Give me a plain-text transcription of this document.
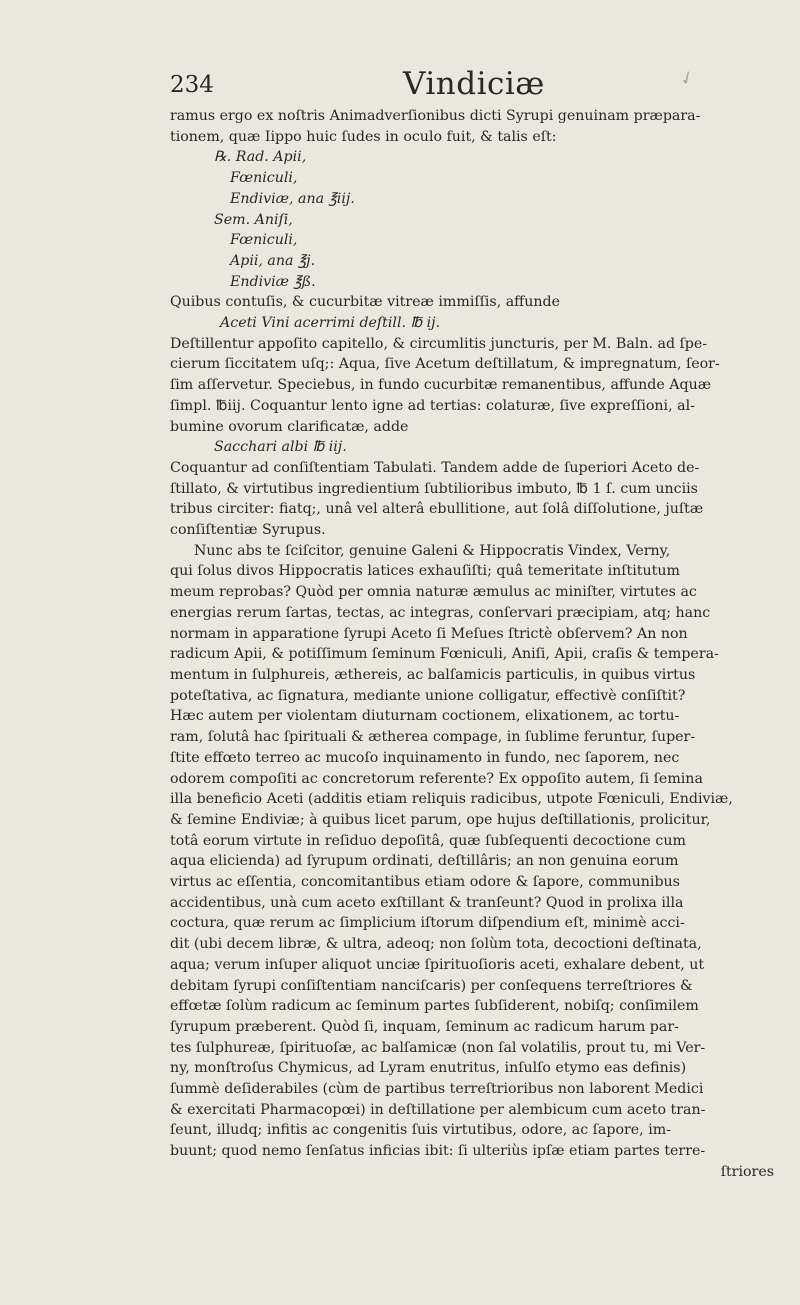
234	Vindiciæ	✓
ramus ergo ex noſtris Animadverſionibus dicti Syrupi genuinam præpara-
tionem, quæ Iippo huic ſudes in oculo fuit, & talis eſt:
℞. Rad. Apii,
Fœniculi,
Endiviæ, ana ℥iij.
Sem. Aniſi,
Fœniculi,
Apii, ana ℥j.
Endiviæ ℥ß.
Quibus contuſis, & cucurbitæ vitreæ immiſſis, affunde
Aceti Vini acerrimi deſtill. ℔ ij.
Deſtillentur appoſito capitello, & circumlitis juncturis, per M. Baln. ad ſpe-
cierum ſiccitatem uſq;: Aqua, ſive Acetum deſtillatum, & impregnatum, ſeor-
ſim aſſervetur. Speciebus, in fundo cucurbitæ remanentibus, affunde Aquæ
ſimpl. ℔iij. Coquantur lento igne ad tertias: colaturæ, ſive expreſſioni, al-
bumine ovorum clarificatæ, adde
Sacchari albi ℔ iij.
Coquantur ad conſiſtentiam Tabulati. Tandem adde de ſuperiori Aceto de-
ſtillato, & virtutibus ingredientium ſubtilioribus imbuto, ℔ 1 ſ. cum unciis
tribus circiter: fiatq;, unâ vel alterâ ebullitione, aut ſolâ diſſolutione, juſtæ
conſiſtentiæ Syrupus.
Nunc abs te ſciſcitor, genuine Galeni & Hippocratis Vindex, Verny,
qui ſolus divos Hippocratis latices exhauſiſti; quâ temeritate inſtitutum
meum reprobas? Quòd per omnia naturæ æmulus ac miniſter, virtutes ac
energias rerum ſartas, tectas, ac integras, conſervari præcipiam, atq; hanc
normam in apparatione ſyrupi Aceto ſi Meſues ſtrictè obſervem? An non
radicum Apii, & potiſſimum ſeminum Fœniculi, Aniſi, Apii, craſis & tempera-
mentum in ſulphureis, æthereis, ac balſamicis particulis, in quibus virtus
poteſtativa, ac ſignatura, mediante unione colligatur, effectivè conſiſtit?
Hæc autem per violentam diuturnam coctionem, elixationem, ac tortu-
ram, ſolutâ hac ſpirituali & ætherea compage, in ſublime feruntur, ſuper-
ſtite effœto terreo ac mucoſo inquinamento in fundo, nec ſaporem, nec
odorem compoſiti ac concretorum referente? Ex oppoſito autem, ſi ſemina
illa beneficio Aceti (additis etiam reliquis radicibus, utpote Fœniculi, Endiviæ,
& ſemine Endiviæ; à quibus licet parum, ope hujus deſtillationis, prolicitur,
totâ eorum virtute in reſiduo depoſitâ, quæ ſubſequenti decoctione cum
aqua elicienda) ad ſyrupum ordinati, deſtillâris; an non genuina eorum
virtus ac eſſentia, concomitantibus etiam odore & ſapore, communibus
accidentibus, unà cum aceto exſtillant & tranſeunt? Quod in prolixa illa
coctura, quæ rerum ac ſimplicium iſtorum diſpendium eſt, minimè acci-
dit (ubi decem libræ, & ultra, adeoq; non ſolùm tota, decoctioni deſtinata,
aqua; verum inſuper aliquot unciæ ſpirituoſioris aceti, exhalare debent, ut
debitam ſyrupi conſiſtentiam nanciſcaris) per conſequens terreſtriores &
effœtæ ſolùm radicum ac ſeminum partes ſubſiderent, nobiſq; conſimilem
ſyrupum præberent. Quòd ſi, inquam, ſeminum ac radicum harum par-
tes ſulphureæ, ſpirituoſæ, ac balſamicæ (non ſal volatilis, prout tu, mi Ver-
ny, monſtroſus Chymicus, ad Lyram enutritus, inſulſo etymo eas definis)
ſummè deſiderabiles (cùm de partibus terreſtrioribus non laborent Medici
& exercitati Pharmacopœi) in deſtillatione per alembicum cum aceto tran-
ſeunt, illudq; infitis ac congenitis ſuis virtutibus, odore, ac ſapore, im-
buunt; quod nemo ſenſatus inficias ibit: ſi ulteriùs ipſæ etiam partes terre-
ſtriores
